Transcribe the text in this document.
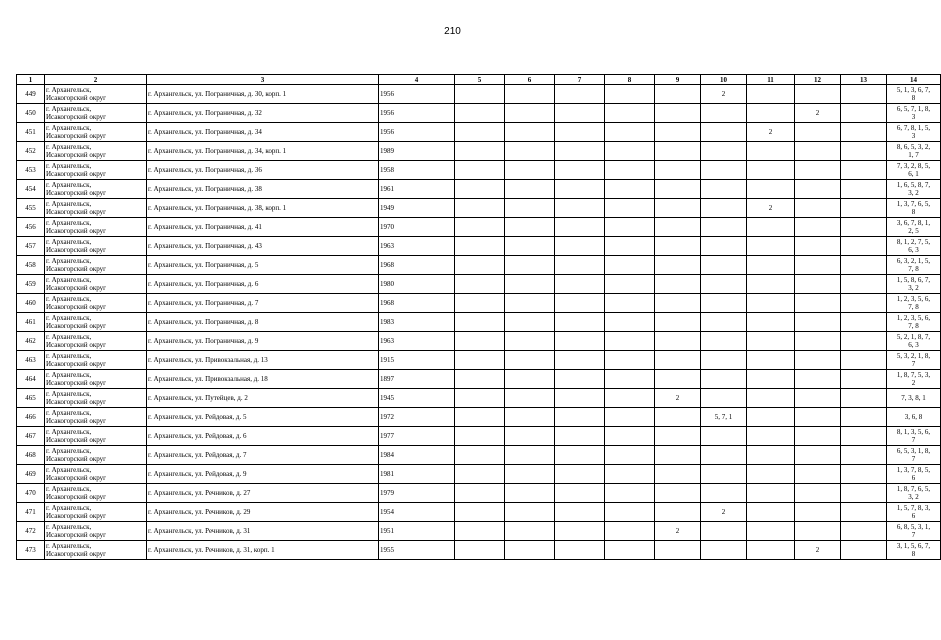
210
1	2	3	4	5	6	7	8	9	10	11	12	13	14
449	г. Архангельск,
Исакогорский округ	г. Архангельск, ул. Пограничная, д. 30, корп. 1	1956						2				5, 1, 3, 6, 7,
8
450	г. Архангельск,
Исакогорский округ	г. Архангельск, ул. Пограничная, д. 32	1956								2		6, 5, 7, 1, 8,
3
451	г. Архангельск,
Исакогорский округ	г. Архангельск, ул. Пограничная, д. 34	1956							2			6, 7, 8, 1, 5,
3
452	г. Архангельск,
Исакогорский округ	г. Архангельск, ул. Пограничная, д. 34, корп. 1	1989										8, 6, 5, 3, 2,
1, 7
453	г. Архангельск,
Исакогорский округ	г. Архангельск, ул. Пограничная, д. 36	1958										7, 3, 2, 8, 5,
6, 1
454	г. Архангельск,
Исакогорский округ	г. Архангельск, ул. Пограничная, д. 38	1961										1, 6, 5, 8, 7,
3, 2
455	г. Архангельск,
Исакогорский округ	г. Архангельск, ул. Пограничная, д. 38, корп. 1	1949							2			1, 3, 7, 6, 5,
8
456	г. Архангельск,
Исакогорский округ	г. Архангельск, ул. Пограничная, д. 41	1970										3, 6, 7, 8, 1,
2, 5
457	г. Архангельск,
Исакогорский округ	г. Архангельск, ул. Пограничная, д. 43	1963										8, 1, 2, 7, 5,
6, 3
458	г. Архангельск,
Исакогорский округ	г. Архангельск, ул. Пограничная, д. 5	1968										6, 3, 2, 1, 5,
7, 8
459	г. Архангельск,
Исакогорский округ	г. Архангельск, ул. Пограничная, д. 6	1980										1, 5, 8, 6, 7,
3, 2
460	г. Архангельск,
Исакогорский округ	г. Архангельск, ул. Пограничная, д. 7	1968										1, 2, 3, 5, 6,
7, 8
461	г. Архангельск,
Исакогорский округ	г. Архангельск, ул. Пограничная, д. 8	1983										1, 2, 3, 5, 6,
7, 8
462	г. Архангельск,
Исакогорский округ	г. Архангельск, ул. Пограничная, д. 9	1963										5, 2, 1, 8, 7,
6, 3
463	г. Архангельск,
Исакогорский округ	г. Архангельск, ул. Привокзальная, д. 13	1915										5, 3, 2, 1, 8,
7
464	г. Архангельск,
Исакогорский округ	г. Архангельск, ул. Привокзальная, д. 18	1897										1, 8, 7, 5, 3,
2
465	г. Архангельск,
Исакогорский округ	г. Архангельск, ул. Путейцев, д. 2	1945					2					7, 3, 8, 1
466	г. Архангельск,
Исакогорский округ	г. Архангельск, ул. Рейдовая, д. 5	1972						5, 7, 1				3, 6, 8
467	г. Архангельск,
Исакогорский округ	г. Архангельск, ул. Рейдовая, д. 6	1977										8, 1, 3, 5, 6,
7
468	г. Архангельск,
Исакогорский округ	г. Архангельск, ул. Рейдовая, д. 7	1984										6, 5, 3, 1, 8,
7
469	г. Архангельск,
Исакогорский округ	г. Архангельск, ул. Рейдовая, д. 9	1981										1, 3, 7, 8, 5,
6
470	г. Архангельск,
Исакогорский округ	г. Архангельск, ул. Речников, д. 27	1979										1, 8, 7, 6, 5,
3, 2
471	г. Архангельск,
Исакогорский округ	г. Архангельск, ул. Речников, д. 29	1954						2				1, 5, 7, 8, 3,
6
472	г. Архангельск,
Исакогорский округ	г. Архангельск, ул. Речников, д. 31	1951					2					6, 8, 5, 3, 1,
7
473	г. Архангельск,
Исакогорский округ	г. Архангельск, ул. Речников, д. 31, корп. 1	1955								2		3, 1, 5, 6, 7,
8
